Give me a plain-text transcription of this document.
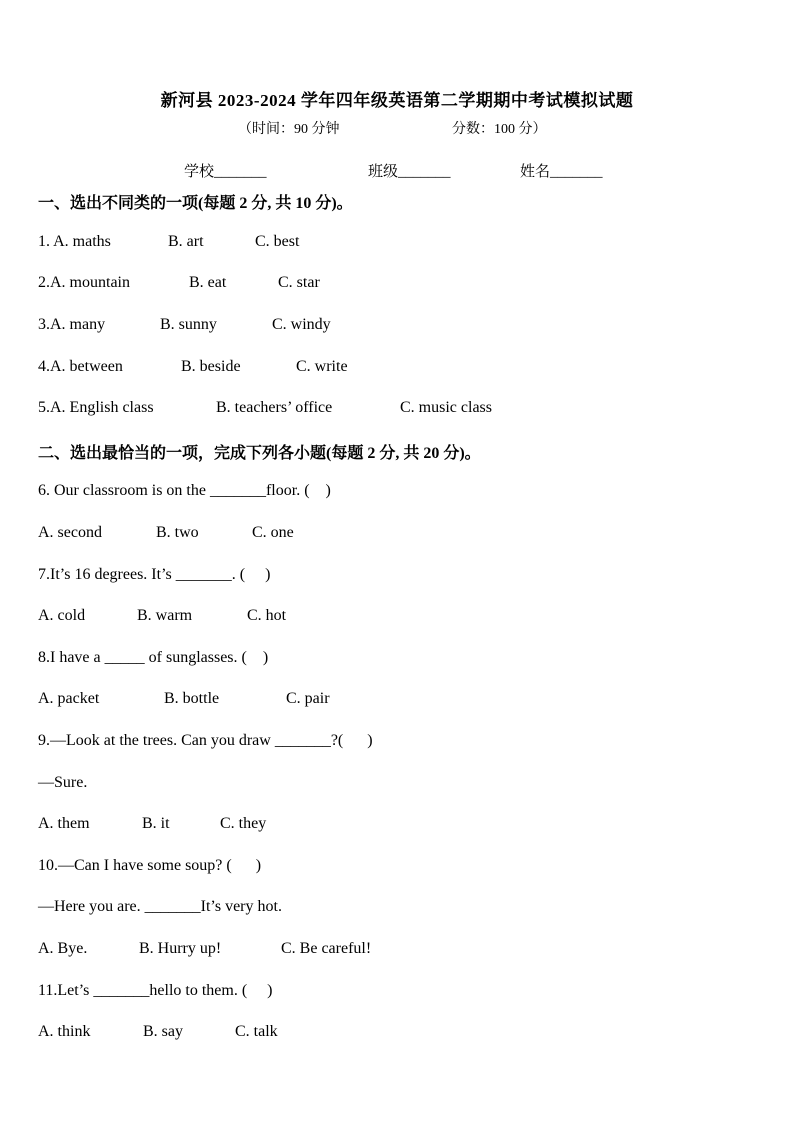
新河县 2023-2024 学年四年级英语第二学期期中考试模拟试题
（时间：90 分钟	分数：100 分）
学校_______	班级_______	姓名_______
一、选出不同类的一项(每题 2 分, 共 10 分)。
1. A. maths	B. art	C. best
2.A. mountain	B. eat	C. star
3.A. many	B. sunny	C. windy
4.A. between	B. beside	C. write
5.A. English class	B. teachers’ office	C. music class
二、选出最恰当的一项，完成下列各小题(每题 2 分, 共 20 分)。
6. Our classroom is on the _______floor. (    )
A. second	B. two	C. one
7.It’s 16 degrees. It’s _______. (     )
A. cold	B. warm	C. hot
8.I have a _____ of sunglasses. (    )
A. packet	B. bottle	C. pair
9.—Look at the trees. Can you draw _______?(      )
—Sure.
A. them	B. it	C. they
10.—Can I have some soup? (      )
—Here you are. _______It’s very hot.
A. Bye.	B. Hurry up!	C. Be careful!
11.Let’s _______hello to them. (     )
A. think	B. say	C. talk
